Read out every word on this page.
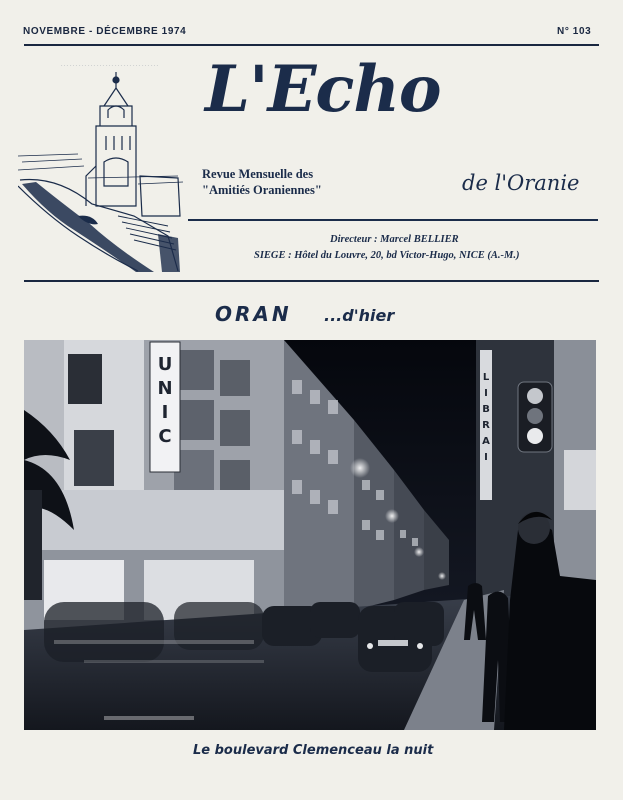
NOVEMBRE - DÉCEMBRE 1974	N° 103
…………………………… L'Echo
Revue Mensuelle des
"Amitiés Oraniennes"	de l'Oranie
Directeur : Marcel BELLIER
SIEGE : Hôtel du Louvre, 20, bd Victor-Hugo, NICE (A.-M.)
ORAN ...d'hier
U
N
I
C
L
I
B
R
A
I
Le boulevard Clemenceau la nuit
